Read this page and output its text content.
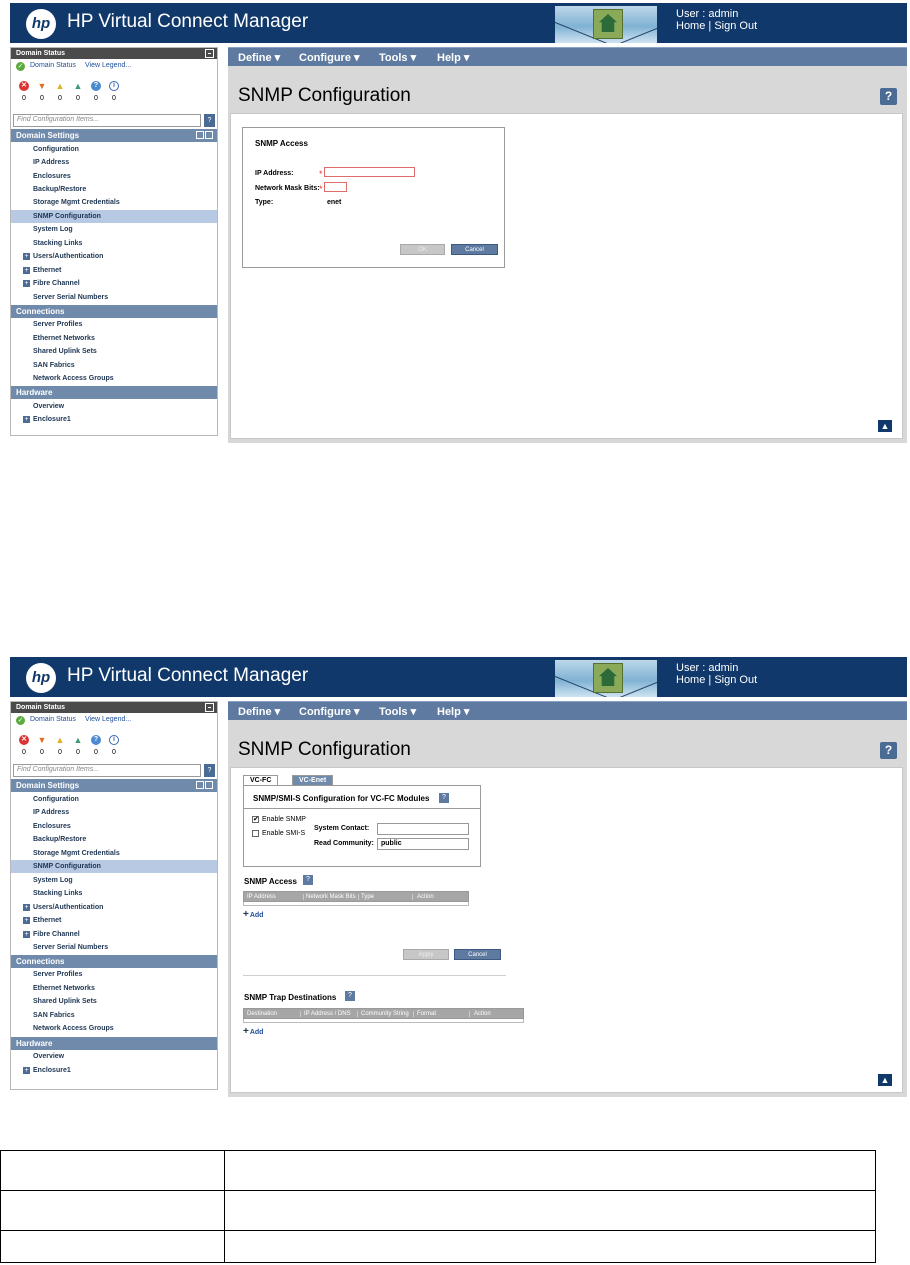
hp HP Virtual Connect Manager	User : admin
Home | Sign Out
Domain Status
✓ Domain Status View Legend...
✕
0
▼
0
▲
0
▲
0
?
0
i
0
Find Configuration Items...	?
Domain Settings
Configuration
IP Address
Enclosures
Backup/Restore
Storage Mgmt Credentials
SNMP Configuration
System Log
Stacking Links
+ Users/Authentication
+ Ethernet
+ Fibre Channel
Server Serial Numbers
Connections
Server Profiles
Ethernet Networks
Shared Uplink Sets
SAN Fabrics
Network Access Groups
Hardware
Overview
+ Enclosure1
Define ▾ Configure ▾ Tools ▾ Help ▾
SNMP Configuration	?
SNMP Access
IP Address:	*
Network Mask Bits: *
Type:	enet
OK	Cancel
▲
hp HP Virtual Connect Manager	User : admin
Home | Sign Out
Domain Status
✓ Domain Status View Legend...
✕
0
▼
0
▲
0
▲
0
?
0
i
0
Find Configuration Items...	?
Domain Settings
Configuration
IP Address
Enclosures
Backup/Restore
Storage Mgmt Credentials
SNMP Configuration
System Log
Stacking Links
+ Users/Authentication
+ Ethernet
+ Fibre Channel
Server Serial Numbers
Connections
Server Profiles
Ethernet Networks
Shared Uplink Sets
SAN Fabrics
Network Access Groups
Hardware
Overview
+ Enclosure1
Define ▾ Configure ▾ Tools ▾ Help ▾
SNMP Configuration	?
VC-FC	VC-Enet
SNMP/SMI-S Configuration for VC-FC Modules	?
✔ Enable SNMP
Enable SMI-S
System Contact:
Read Community:	public
SNMP Access	?
IP Address	Network Mask Bits Type	Action
+Add
Apply	Cancel
SNMP Trap Destinations	?
Destination	IP Address / DNS	Community String	Format	Action
+Add
▲
